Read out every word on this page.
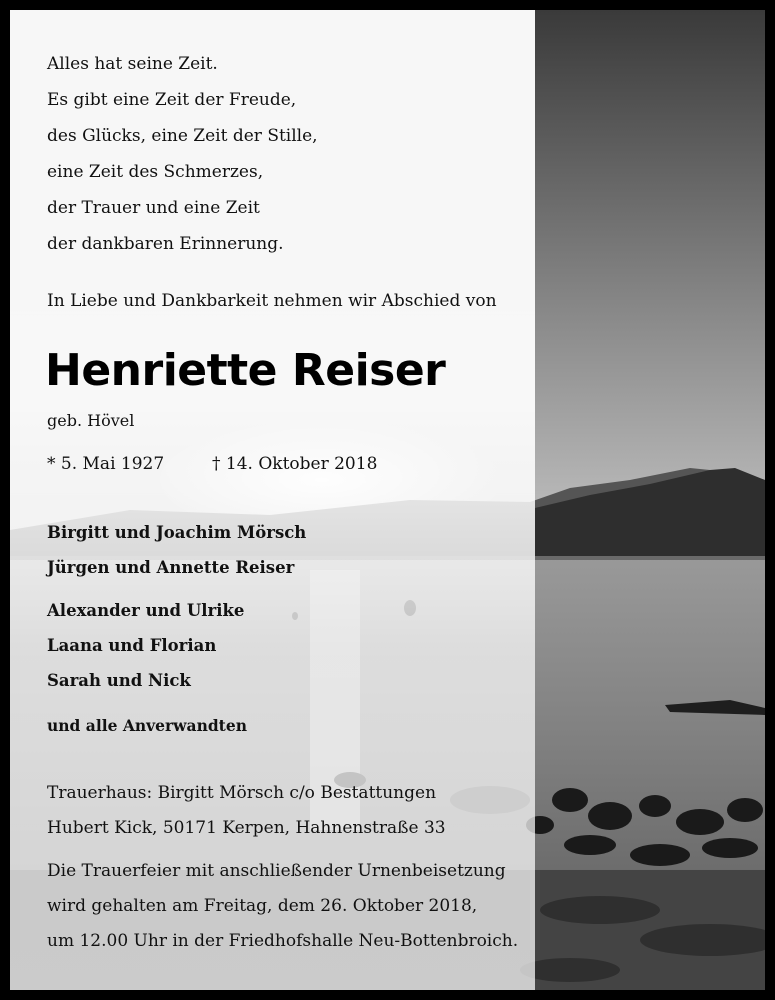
Alles hat seine Zeit.
Es gibt eine Zeit der Freude,
des Glücks, eine Zeit der Stille,
eine Zeit des Schmerzes,
der Trauer und eine Zeit
der dankbaren Erinnerung.
In Liebe und Dankbarkeit nehmen wir Abschied von
Henriette Reiser
geb. Hövel
* 5. Mai 1927	† 14. Oktober 2018
Birgitt und Joachim Mörsch
Jürgen und Annette Reiser
Alexander und Ulrike
Laana und Florian
Sarah und Nick
und alle Anverwandten
Trauerhaus: Birgitt Mörsch c/o Bestattungen
Hubert Kick, 50171 Kerpen, Hahnenstraße 33
Die Trauerfeier mit anschließender Urnenbeisetzung
wird gehalten am Freitag, dem 26. Oktober 2018,
um 12.00 Uhr in der Friedhofshalle Neu-Bottenbroich.
